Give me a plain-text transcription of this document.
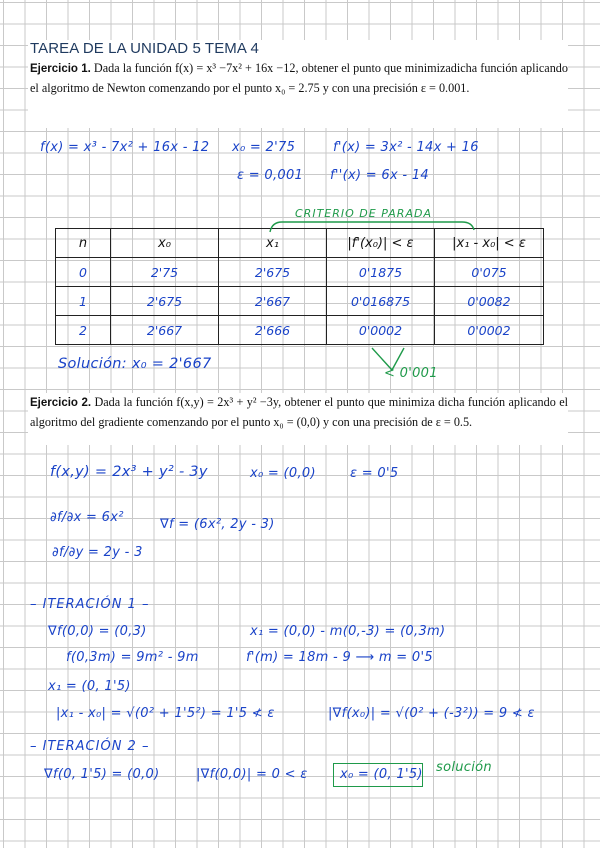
TAREA DE LA UNIDAD 5 TEMA 4

Ejercicio 1. Dada la función f(x) = x³ −7x² + 16x −12, obtener el punto que minimizadicha función aplicando el algoritmo de Newton comenzando por el punto x₀ = 2.75 y con una precisión ε = 0.001.

f(x) = x³ - 7x² + 16x - 12 x₀ = 2'75	f'(x) = 3x² - 14x + 16
ε = 0,001 f''(x) = 6x - 14
CRITERIO DE PARADA
n	x₀	x₁	|f'(x₀)| < ε	|x₁ - x₀| < ε
0	2'75	2'675	0'1875	0'075
1	2'675	2'667	0'016875	0'0082
2	2'667	2'666	0'0002	0'0002
Solución: x₀ = 2'667
< 0'001

Ejercicio 2. Dada la función f(x,y) = 2x³ + y² −3y, obtener el punto que minimiza dicha función aplicando el algoritmo del gradiente comenzando por el punto x₀ = (0,0) y con una precisión de ε = 0.5.

f(x,y) = 2x³ + y² - 3y	x₀ = (0,0)	ε = 0'5
∂f/∂x = 6x²	∇f = (6x², 2y - 3)
∂f/∂y = 2y - 3
– ITERACIÓN 1 –
∇f(0,0) = (0,3)	x₁ = (0,0) - m(0,-3) = (0,3m)
f(0,3m) = 9m² - 9m	f'(m) = 18m - 9 ⟶ m = 0'5
x₁ = (0, 1'5)
|x₁ - x₀| = √(0² + 1'5²) = 1'5 ≮ ε	|∇f(x₀)| = √(0² + (-3²)) = 9 ≮ ε
– ITERACIÓN 2 –
∇f(0, 1'5) = (0,0)	|∇f(0,0)| = 0 < ε x₀ = (0, 1'5) solución
